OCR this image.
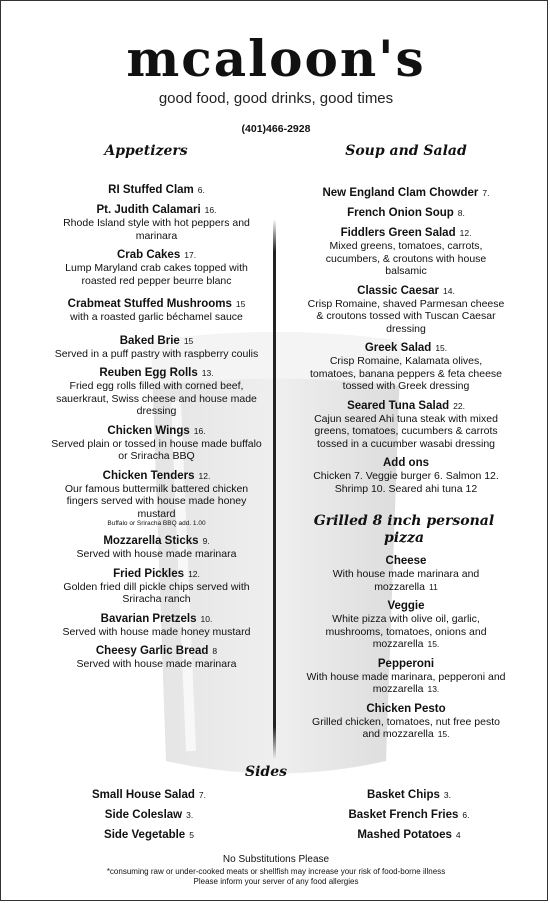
mcaloon's
good food, good drinks, good times
(401)466-2928
Appetizers	Soup and Salad
RI Stuffed Clam 6.
Pt. Judith Calamari 16.
Rhode Island style with hot peppers and marinara
Crab Cakes 17.
Lump Maryland crab cakes topped with roasted red pepper beurre blanc
Crabmeat Stuffed Mushrooms 15
with a roasted garlic béchamel sauce
Baked Brie 15
Served in a puff pastry with raspberry coulis
Reuben Egg Rolls 13.
Fried egg rolls filled with corned beef, sauerkraut, Swiss cheese and house made dressing
Chicken Wings 16.
Served plain or tossed in house made buffalo or Sriracha BBQ
Chicken Tenders 12.
Our famous buttermilk battered chicken fingers served with house made honey mustard
Buffalo or Sriracha BBQ add. 1.00
Mozzarella Sticks 9.
Served with house made marinara
Fried Pickles 12.
Golden fried dill pickle chips served with Sriracha ranch
Bavarian Pretzels 10.
Served with house made honey mustard
Cheesy Garlic Bread 8
Served with house made marinara
New England Clam Chowder 7.
French Onion Soup 8.
Fiddlers Green Salad 12.
Mixed greens, tomatoes, carrots, cucumbers, & croutons with house balsamic
Classic Caesar 14.
Crisp Romaine, shaved Parmesan cheese & croutons tossed with Tuscan Caesar dressing
Greek Salad 15.
Crisp Romaine, Kalamata olives, tomatoes, banana peppers & feta cheese tossed with Greek dressing
Seared Tuna Salad 22.
Cajun seared Ahi tuna steak with mixed greens, tomatoes, cucumbers & carrots tossed in a cucumber wasabi dressing
Add ons
Chicken 7. Veggie burger 6. Salmon 12. Shrimp 10. Seared ahi tuna 12
Grilled 8 inch personal pizza
Cheese
With house made marinara and mozzarella 11
Veggie
White pizza with olive oil, garlic, mushrooms, tomatoes, onions and mozzarella 15.
Pepperoni
With house made marinara, pepperoni and mozzarella 13.
Chicken Pesto
Grilled chicken, tomatoes, nut free pesto and mozzarella 15.
Sides
Small House Salad 7.
Side Coleslaw 3.
Side Vegetable 5
Basket Chips 3.
Basket French Fries 6.
Mashed Potatoes 4
No Substitutions Please
*consuming raw or under-cooked meats or shellfish may increase your risk of food-borne illness
Please inform your server of any food allergies
